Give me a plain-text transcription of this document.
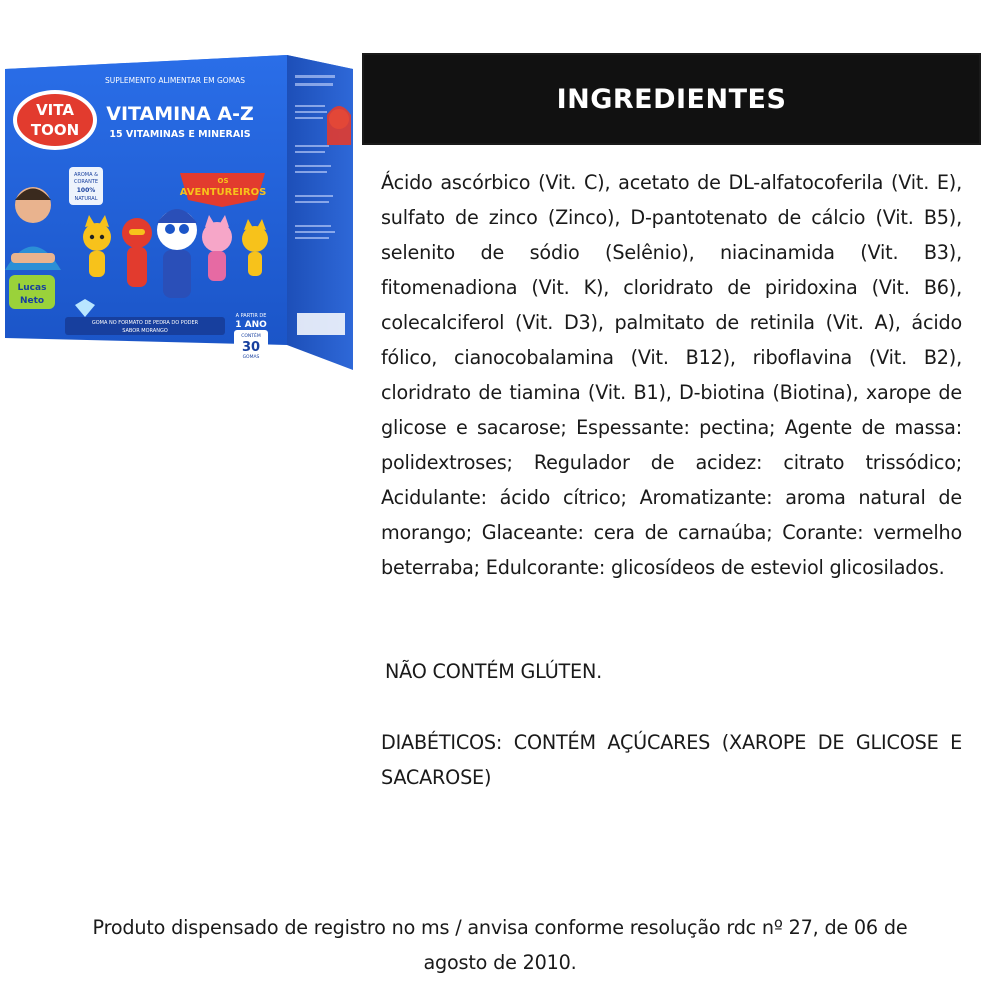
SUPLEMENTO ALIMENTAR EM GOMAS
VITA
TOON
VITAMINA A-Z
15 VITAMINAS E MINERAIS
AROMA &
CORANTE
100%
NATURAL
OS
AVENTUREIROS
Lucas
Neto
GOMA NO FORMATO DE PEDRA DO PODER
SABOR MORANGO
A PARTIR DE
1 ANO
CONTÉM
30
GOMAS
INGREDIENTES

Ácido ascórbico (Vit. C), acetato de DL-alfatocoferila (Vit. E), sulfato de zinco (Zinco), D-pantotenato de cálcio (Vit. B5), selenito de sódio (Selênio), niacinamida (Vit. B3), fitomenadiona (Vit. K), cloridrato de piridoxina (Vit. B6), colecalciferol (Vit. D3), palmitato de retinila (Vit. A), ácido fólico, cianocobalamina (Vit. B12), riboflavina (Vit. B2), cloridrato de tiamina (Vit. B1), D-biotina (Biotina), xarope de glicose e sacarose; Espessante: pectina; Agente de massa: polidextroses; Regulador de acidez: citrato trissódico; Acidulante: ácido cítrico; Aromatizante: aroma natural de morango; Glaceante: cera de carnaúba; Corante: vermelho beterraba; Edulcorante: glicosídeos de esteviol glicosilados.

NÃO CONTÉM GLÚTEN.

DIABÉTICOS: CONTÉM AÇÚCARES (XAROPE DE GLICOSE E SACAROSE)

Produto dispensado de registro no ms / anvisa conforme resolução rdc nº 27, de 06 de
agosto de 2010.
